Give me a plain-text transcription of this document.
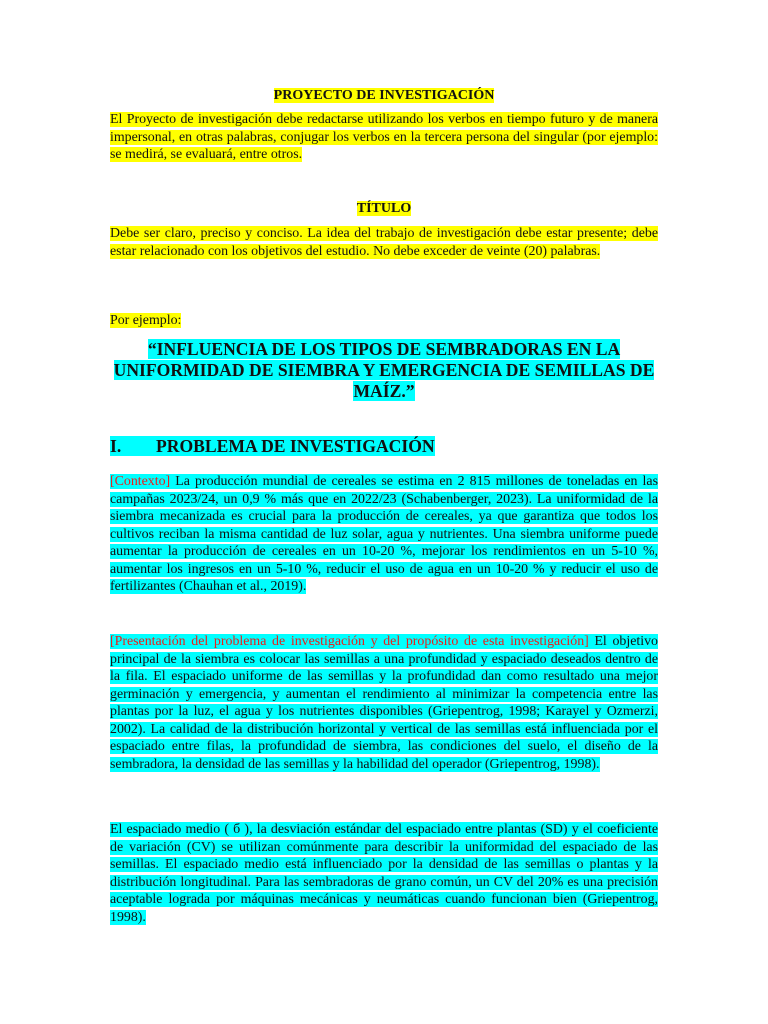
PROYECTO DE INVESTIGACIÓN

El Proyecto de investigación debe redactarse utilizando los verbos en tiempo futuro y de manera impersonal, en otras palabras, conjugar los verbos en la tercera persona del singular (por ejemplo: se medirá, se evaluará, entre otros.

TÍTULO

Debe ser claro, preciso y conciso. La idea del trabajo de investigación debe estar presente; debe estar relacionado con los objetivos del estudio. No debe exceder de veinte (20) palabras.

Por ejemplo:

“INFLUENCIA DE LOS TIPOS DE SEMBRADORAS EN LA UNIFORMIDAD DE SIEMBRA Y EMERGENCIA DE SEMILLAS DE MAÍZ.”

I. PROBLEMA DE INVESTIGACIÓN

[Contexto] La producción mundial de cereales se estima en 2 815 millones de toneladas en las campañas 2023/24, un 0,9 % más que en 2022/23 (Schabenberger, 2023). La uniformidad de la siembra mecanizada es crucial para la producción de cereales, ya que garantiza que todos los cultivos reciban la misma cantidad de luz solar, agua y nutrientes. Una siembra uniforme puede aumentar la producción de cereales en un 10-20 %, mejorar los rendimientos en un 5-10 %, aumentar los ingresos en un 5-10 %, reducir el uso de agua en un 10-20 % y reducir el uso de fertilizantes (Chauhan et al., 2019).

[Presentación del problema de investigación y del propósito de esta investigación] El objetivo principal de la siembra es colocar las semillas a una profundidad y espaciado deseados dentro de la fila. El espaciado uniforme de las semillas y la profundidad dan como resultado una mejor germinación y emergencia, y aumentan el rendimiento al minimizar la competencia entre las plantas por la luz, el agua y los nutrientes disponibles (Griepentrog, 1998; Karayel y Ozmerzi, 2002). La calidad de la distribución horizontal y vertical de las semillas está influenciada por el espaciado entre filas, la profundidad de siembra, las condiciones del suelo, el diseño de la sembradora, la densidad de las semillas y la habilidad del operador (Griepentrog, 1998).

El espaciado medio ( б ), la desviación estándar del espaciado entre plantas (SD) y el coeficiente de variación (CV) se utilizan comúnmente para describir la uniformidad del espaciado de las semillas. El espaciado medio está influenciado por la densidad de las semillas o plantas y la distribución longitudinal. Para las sembradoras de grano común, un CV del 20% es una precisión aceptable lograda por máquinas mecánicas y neumáticas cuando funcionan bien (Griepentrog, 1998).
